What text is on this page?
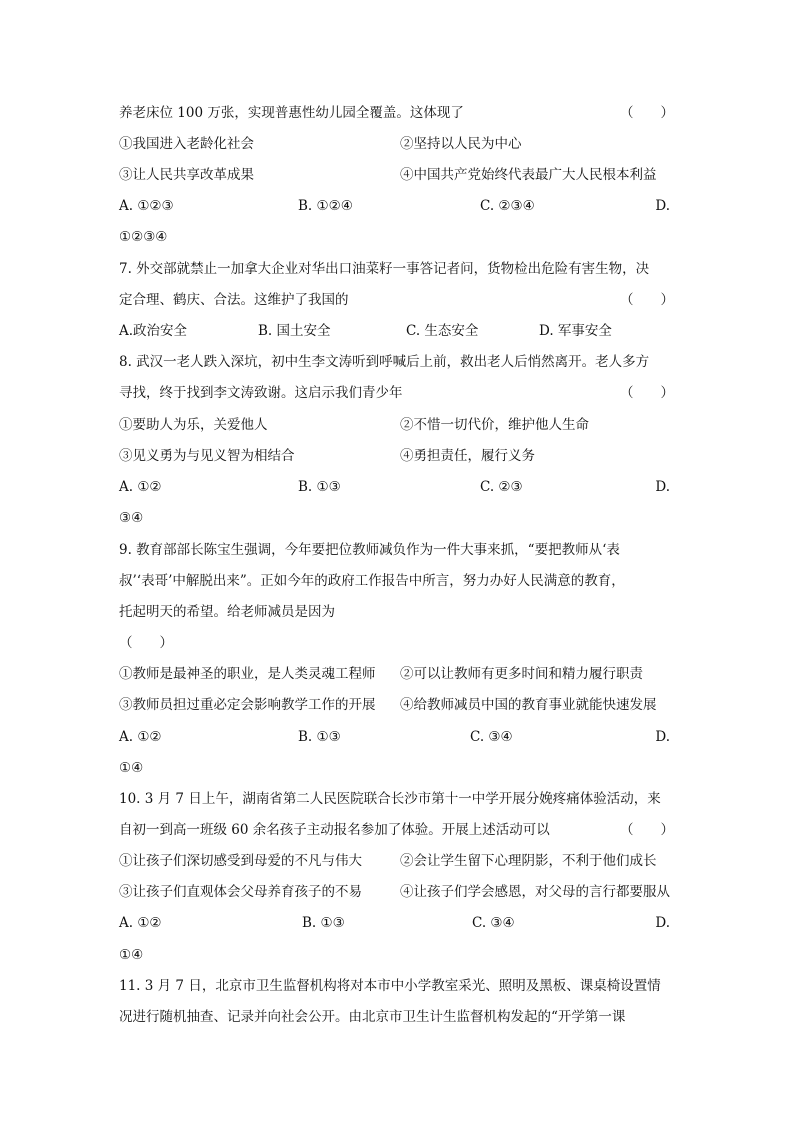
养老床位 100 万张，实现普惠性幼儿园全覆盖。这体现了	（　　）
①我国进入老龄化社会	②坚持以人民为中心
③让人民共享改革成果	④中国共产党始终代表最广大人民根本利益
A. ①②③	B. ①②④	C. ②③④	D.
①②③④
7. 外交部就禁止一加拿大企业对华出口油菜籽一事答记者问，货物检出危险有害生物，决
定合理、鹤庆、合法。这维护了我国的	（　　）
A.政治安全	B. 国土安全	C. 生态安全	D. 军事安全
8. 武汉一老人跌入深坑，初中生李文涛听到呼喊后上前，救出老人后悄然离开。老人多方
寻找，终于找到李文涛致谢。这启示我们青少年	（　　）
①要助人为乐，关爱他人	②不惜一切代价，维护他人生命
③见义勇为与见义智为相结合	④勇担责任，履行义务
A. ①②	B. ①③	C. ②③	D.
③④
9. 教育部部长陈宝生强调，今年要把位教师减负作为一件大事来抓，“要把教师从‘表
叔’‘表哥’中解脱出来”。正如今年的政府工作报告中所言，努力办好人民满意的教育，
托起明天的希望。给老师减员是因为
（　　）
①教师是最神圣的职业，是人类灵魂工程师 ②可以让教师有更多时间和精力履行职责
③教师员担过重必定会影响教学工作的开展 ④给教师减员中国的教育事业就能快速发展
A. ①②	B. ①③	C. ③④	D.
①④
10. 3 月 7 日上午，湖南省第二人民医院联合长沙市第十一中学开展分娩疼痛体验活动，来
自初一到高一班级 60 余名孩子主动报名参加了体验。开展上述活动可以	（　　）
①让孩子们深切感受到母爱的不凡与伟大	②会让学生留下心理阴影，不利于他们成长
③让孩子们直观体会父母养育孩子的不易	④让孩子们学会感恩，对父母的言行都要服从
A. ①②	B. ①③	C. ③④	D.
①④
11. 3 月 7 日，北京市卫生监督机构将对本市中小学教室采光、照明及黑板、课桌椅设置情
况进行随机抽查、记录并向社会公开。由北京市卫生计生监督机构发起的“开学第一课
